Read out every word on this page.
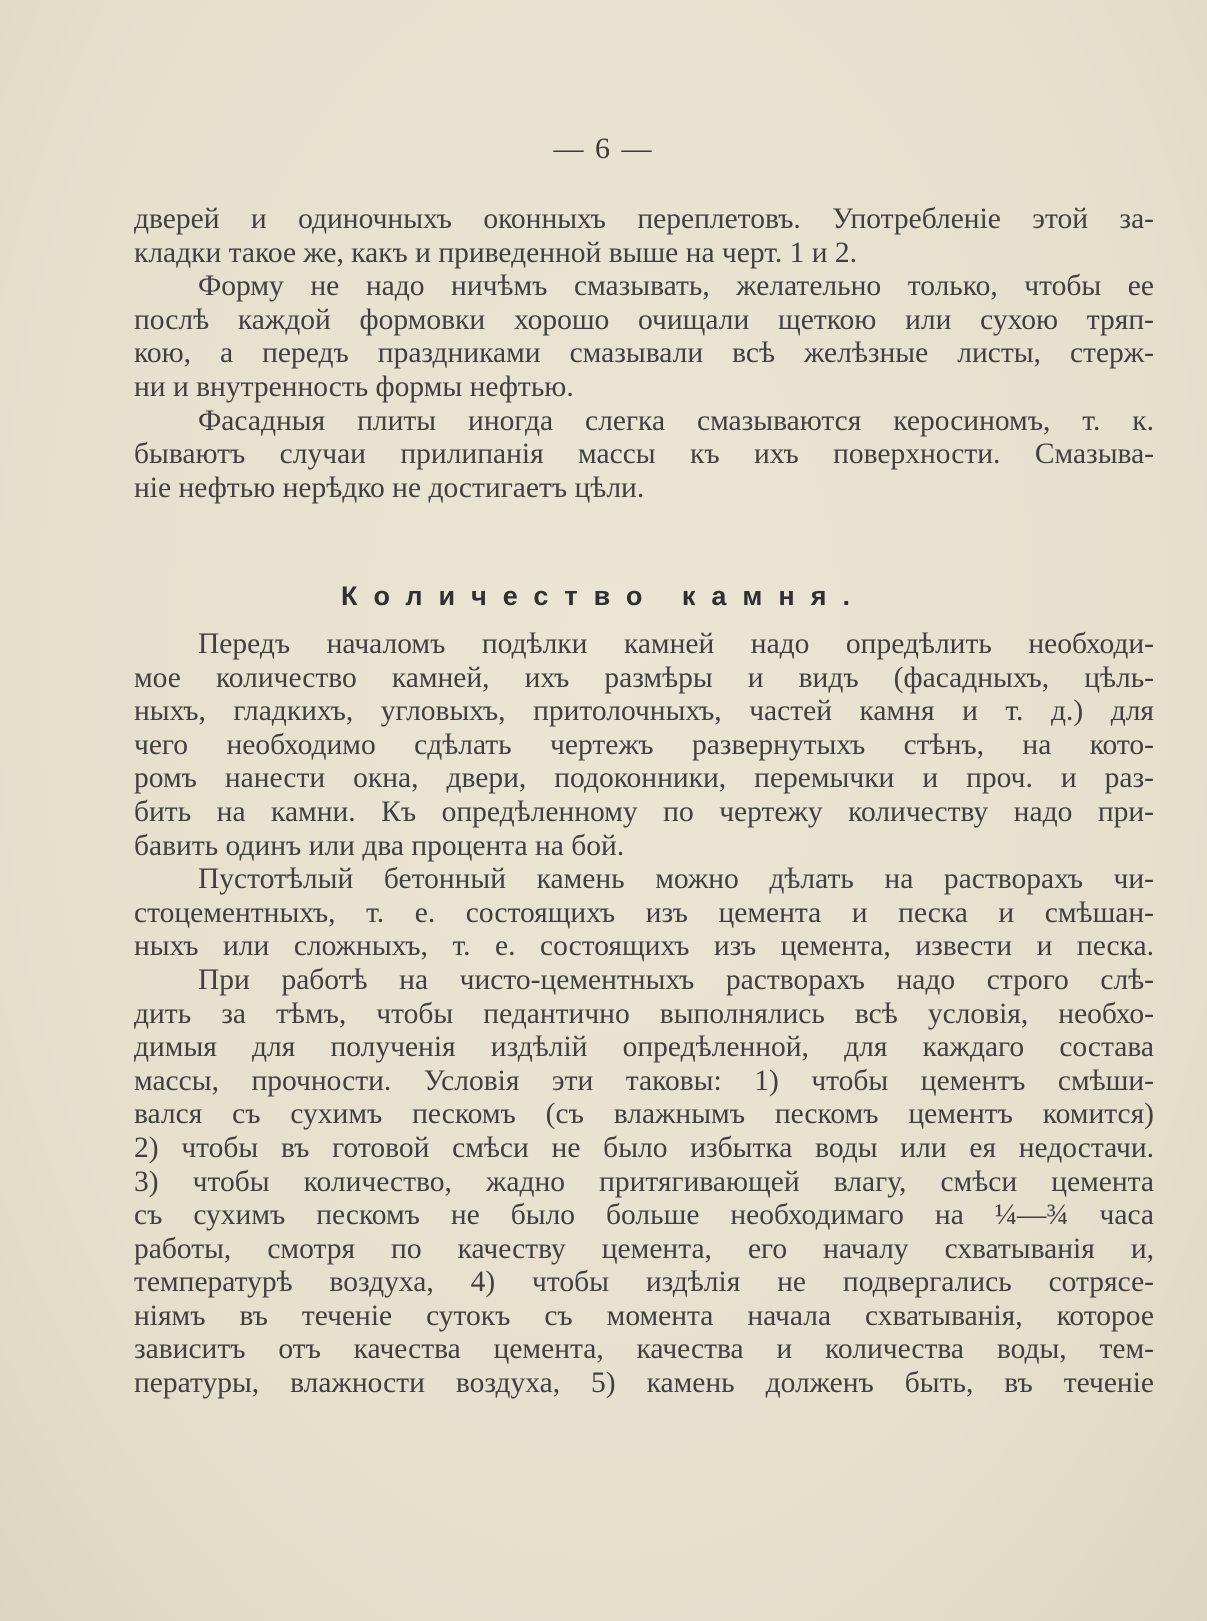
— 6 —
дверей и одиночныхъ оконныхъ переплетовъ. Употребленіе этой за-
кладки такое же, какъ и приведенной выше на черт. 1 и 2.
Форму не надо ничѣмъ смазывать, желательно только, чтобы ее
послѣ каждой формовки хорошо очищали щеткою или сухою тряп-
кою, а передъ праздниками смазывали всѣ желѣзные листы, стерж-
ни и внутренность формы нефтью.
Фасадныя плиты иногда слегка смазываются керосиномъ, т. к.
бываютъ случаи прилипанія массы къ ихъ поверхности. Смазыва-
ніе нефтью нерѣдко не достигаетъ цѣли.
Количество камня.
Передъ началомъ подѣлки камней надо опредѣлить необходи-
мое количество камней, ихъ размѣры и видъ (фасадныхъ, цѣль-
ныхъ, гладкихъ, угловыхъ, притолочныхъ, частей камня и т. д.) для
чего необходимо сдѣлать чертежъ развернутыхъ стѣнъ, на кото-
ромъ нанести окна, двери, подоконники, перемычки и проч. и раз-
бить на камни. Къ опредѣленному по чертежу количеству надо при-
бавить одинъ или два процента на бой.
Пустотѣлый бетонный камень можно дѣлать на растворахъ чи-
стоцементныхъ, т. е. состоящихъ изъ цемента и песка и смѣшан-
ныхъ или сложныхъ, т. е. состоящихъ изъ цемента, извести и песка.
При работѣ на чисто-цементныхъ растворахъ надо строго слѣ-
дить за тѣмъ, чтобы педантично выполнялись всѣ условія, необхо-
димыя для полученія издѣлій опредѣленной, для каждаго состава
массы, прочности. Условія эти таковы: 1) чтобы цементъ смѣши-
вался съ сухимъ пескомъ (съ влажнымъ пескомъ цементъ комится)
2) чтобы въ готовой смѣси не было избытка воды или ея недостачи.
3) чтобы количество, жадно притягивающей влагу, смѣси цемента
съ сухимъ пескомъ не было больше необходимаго на ¼—¾ часа
работы, смотря по качеству цемента, его началу схватыванія и,
температурѣ воздуха, 4) чтобы издѣлія не подвергались сотрясе-
ніямъ въ теченіе сутокъ съ момента начала схватыванія, которое
зависитъ отъ качества цемента, качества и количества воды, тем-
пературы, влажности воздуха, 5) камень долженъ быть, въ теченіе
